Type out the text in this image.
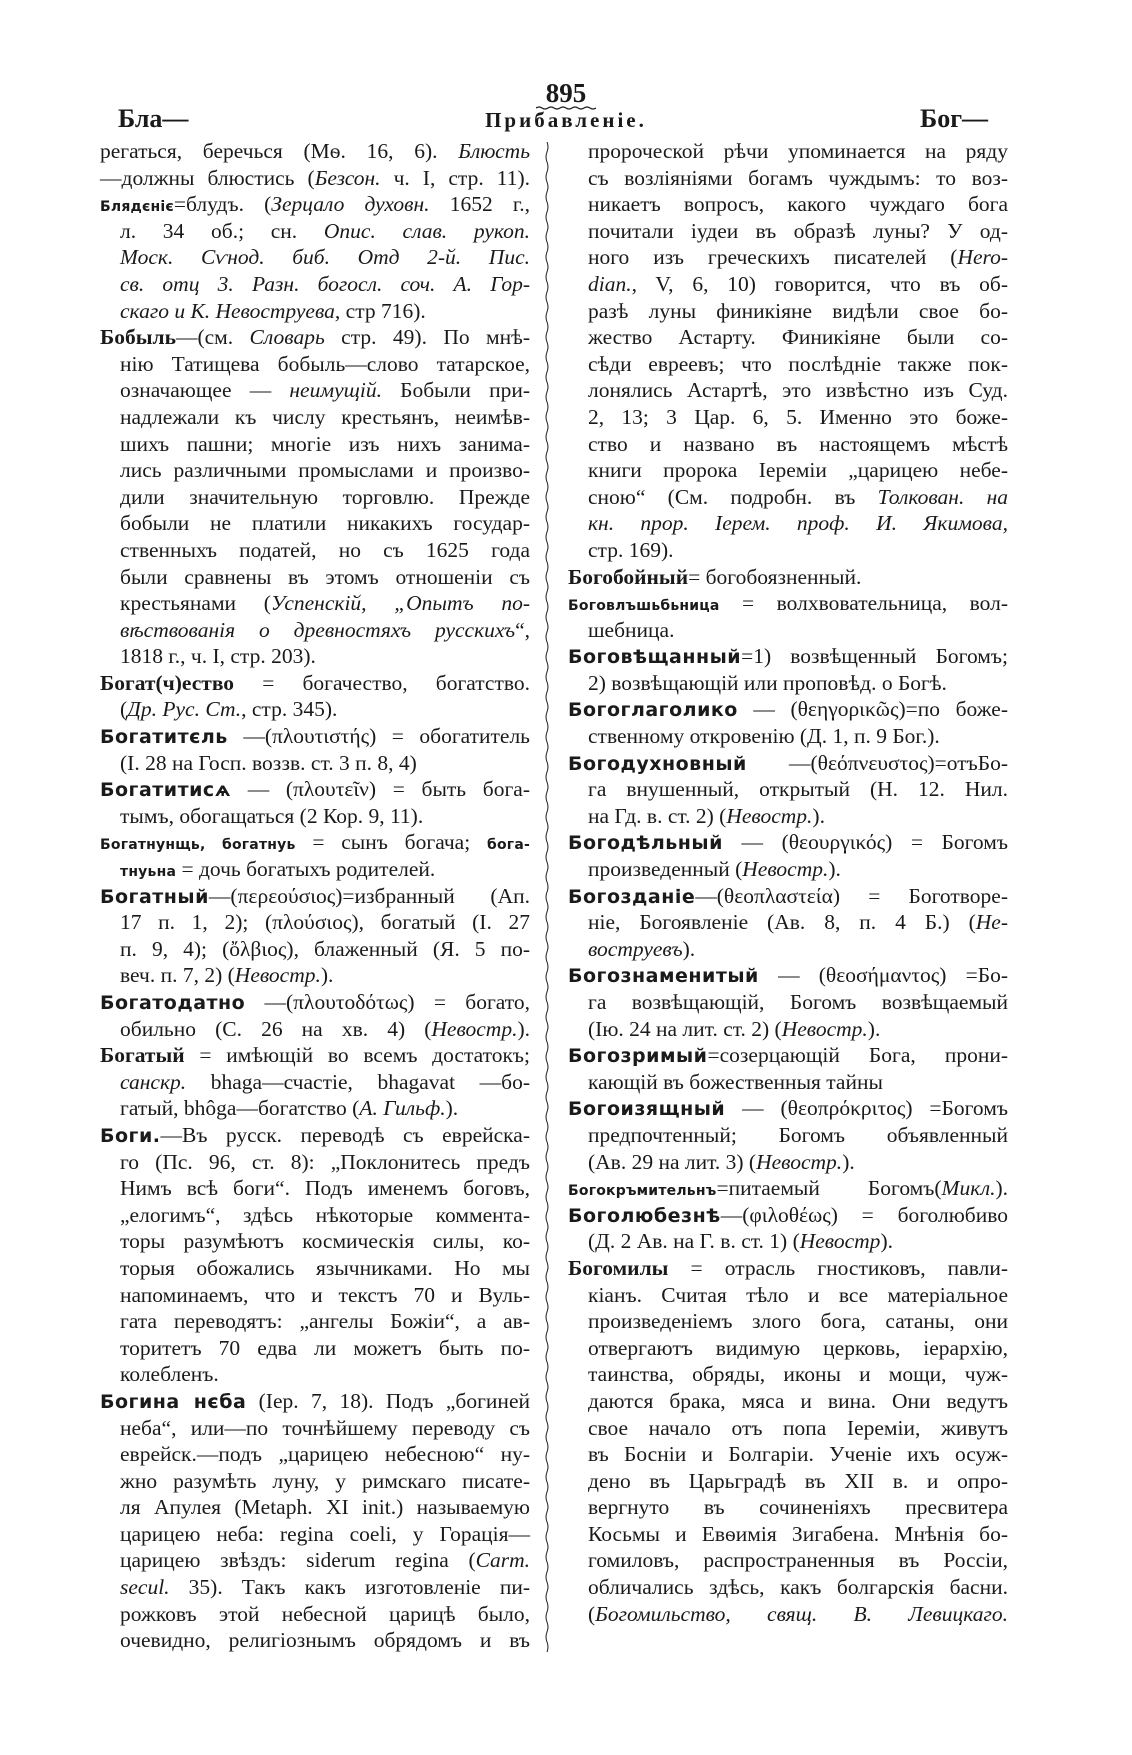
895
Бла—	Прибавленіе.	Бог—
регаться, беречься (Мѳ. 16, 6). Блюсть
—должны блюстись (Безсон. ч. I, стр. 11).
Блядєніє=блудъ. (Зерцало духовн. 1652 г.,
л. 34 об.; сн. Опис. слав. рукоп.
Моск. Сѵнод. биб. Отд 2-й. Пис.
св. отц 3. Разн. богосл. соч. А. Гор-
скаго и К. Невоструева, стр 716).
Бобыль—(см. Словарь стр. 49). По мнѣ-
нію Татищева бобыль—слово татарское,
означающее — неимущій. Бобыли при-
надлежали къ числу крестьянъ, неимѣв-
шихъ пашни; многіе изъ нихъ занима-
лись различными промыслами и произво-
дили значительную торговлю. Прежде
бобыли не платили никакихъ государ-
ственныхъ податей, но съ 1625 года
были сравнены въ этомъ отношеніи съ
крестьянами (Успенскій, „Опытъ по-
вѣствованія о древностяхъ русскихъ“,
1818 г., ч. I, стр. 203).
Богат(ч)ество = богачество, богатство.
(Др. Рус. Ст., стр. 345).
Богатитєль —(πλουτιστής) = обогатитель
(I. 28 на Госп. воззв. ст. 3 п. 8, 4)
Богатитисѧ — (πλουτεῖν) = быть бога-
тымъ, обогащаться (2 Кор. 9, 11).
Богатнунщь, богатнуь = сынъ богача; бога-
тнуьна = дочь богатыхъ родителей.
Богатный—(περεούσιος)=избранный (Ап.
17 п. 1, 2); (πλούσιος), богатый (I. 27
п. 9, 4); (ὄλβιος), блаженный (Я. 5 по-
веч. п. 7, 2) (Невостр.).
Богатодатно —(πλουτοδότως) = богато,
обильно (С. 26 на хв. 4) (Невостр.).
Богатый = имѣющій во всемъ достатокъ;
санскр. bhaga—счастіе, bhagavat —бо-
гатый, bhôga—богатство (А. Гильф.).
Боги.—Въ русск. переводѣ съ еврейска-
го (Пс. 96, ст. 8): „Поклонитесь предъ
Нимъ всѣ боги“. Подъ именемъ боговъ,
„елогимъ“, здѣсь нѣкоторые коммента-
торы разумѣютъ космическія силы, ко-
торыя обожались язычниками. Но мы
напоминаемъ, что и текстъ 70 и Вуль-
гата переводятъ: „ангелы Божіи“, а ав-
торитетъ 70 едва ли можетъ быть по-
колебленъ.
Богина нєба (Іер. 7, 18). Подъ „богиней
неба“, или—по точнѣйшему переводу съ
еврейск.—подъ „царицею небесною“ ну-
жно разумѣть луну, у римскаго писате-
ля Апулея (Metaph. XI init.) называемую
царицею неба: regina coeli, у Горація—
царицею звѣздъ: siderum regina (Carm.
secul. 35). Такъ какъ изготовленіе пи-
рожковъ этой небесной царицѣ было,
очевидно, религіознымъ обрядомъ и въ
пророческой рѣчи упоминается на ряду
съ возліяніями богамъ чуждымъ: то воз-
никаетъ вопросъ, какого чуждаго бога
почитали іудеи въ образѣ луны? У од-
ного изъ греческихъ писателей (Hero-
dian., V, 6, 10) говорится, что въ об-
разѣ луны финикіяне видѣли свое бо-
жество Астарту. Финикіяне были со-
сѣди евреевъ; что послѣдніе также пок-
лонялись Астартѣ, это извѣстно изъ Суд.
2, 13; 3 Цар. 6, 5. Именно это боже-
ство и названо въ настоящемъ мѣстѣ
книги пророка Іереміи „царицею небе-
сною“ (См. подробн. въ Толкован. на
кн. прор. Іерем. проф. И. Якимова,
стр. 169).
Богобойный= богобоязненный.
Боговлъшьбьница = волхвовательница, вол-
шебница.
Боговѣщанный=1) возвѣщенный Богомъ;
2) возвѣщающій или проповѣд. о Богѣ.
Богоглаголико — (θεηγορικῶς)=по боже-
ственному откровенію (Д. 1, п. 9 Бог.).
Богодухновный —(θεόπνευστος)=отъБо-
га внушенный, открытый (Н. 12. Нил.
на Гд. в. ст. 2) (Невостр.).
Богодѣльный — (θεουργικός) = Богомъ
произведенный (Невостр.).
Богозданіе—(θεοπλαστεία) = Боготворе-
ніе, Богоявленіе (Ав. 8, п. 4 Б.) (Не-
воструевъ).
Богознаменитый — (θεοσήμαντος) =Бо-
га возвѣщающій, Богомъ возвѣщаемый
(Ію. 24 на лит. ст. 2) (Невостр.).
Богозримый=созерцающій Бога, прони-
кающій въ божественныя тайны
Богоизящный — (θεοπρόκριτος) =Богомъ
предпочтенный; Богомъ объявленный
(Ав. 29 на лит. 3) (Невостр.).
Богокръмительнъ=питаемый Богомъ(Микл.).
Боголюбезнѣ—(φιλοθέως) = боголюбиво
(Д. 2 Ав. на Г. в. ст. 1) (Невостр).
Богомилы = отрасль гностиковъ, павли-
кіанъ. Считая тѣло и все матеріальное
произведеніемъ злого бога, сатаны, они
отвергаютъ видимую церковь, іерархію,
таинства, обряды, иконы и мощи, чуж-
даются брака, мяса и вина. Они ведутъ
свое начало отъ попа Іереміи, живутъ
въ Босніи и Болгаріи. Ученіе ихъ осуж-
дено въ Царьградѣ въ XII в. и опро-
вергнуто въ сочиненіяхъ пресвитера
Косьмы и Евѳимія Зигабена. Мнѣнія бо-
гомиловъ, распространенныя въ Россіи,
обличались здѣсь, какъ болгарскія басни.
(Богомильство, свящ. В. Левицкаго.
